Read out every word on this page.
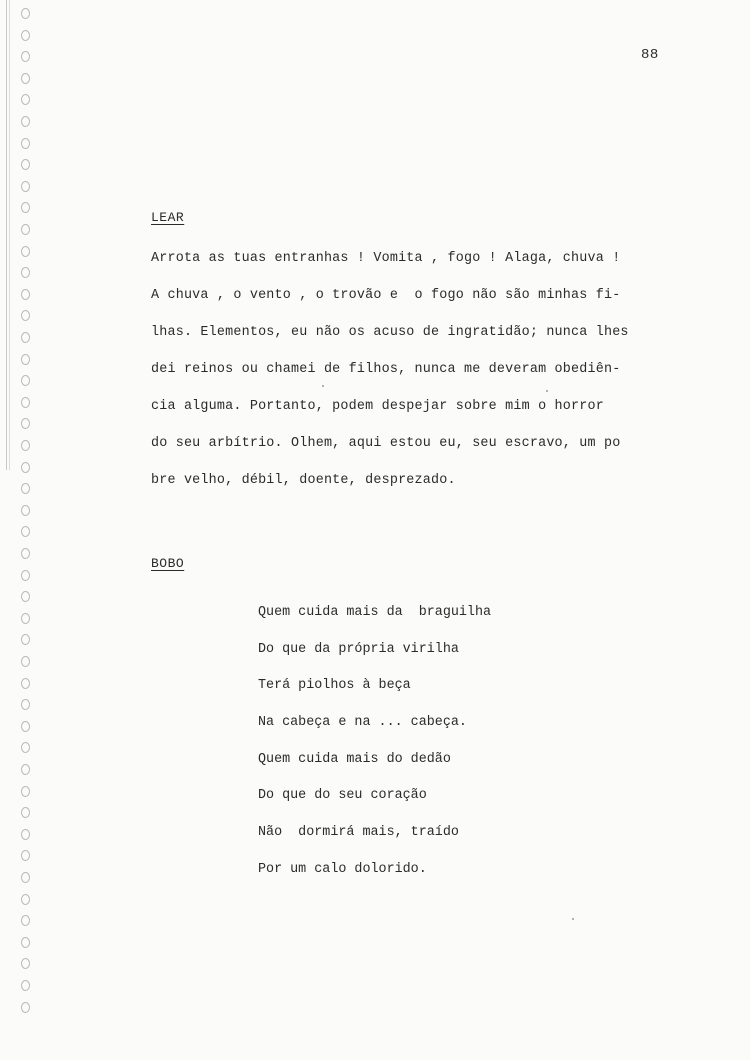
88
LEAR
Arrota as tuas entranhas ! Vomita , fogo ! Alaga, chuva !
A chuva , o vento , o trovão e  o fogo não são minhas fi-
lhas. Elementos, eu não os acuso de ingratidão; nunca lhes
dei reinos ou chamei de filhos, nunca me deveram obediên-
cia alguma. Portanto, podem despejar sobre mim o horror
do seu arbítrio. Olhem, aqui estou eu, seu escravo, um po
bre velho, débil, doente, desprezado.
BOBO
Quem cuida mais da  braguilha
Do que da própria virilha
Terá piolhos à beça
Na cabeça e na ... cabeça.
Quem cuida mais do dedão
Do que do seu coração
Não  dormirá mais, traído
Por um calo dolorido.
